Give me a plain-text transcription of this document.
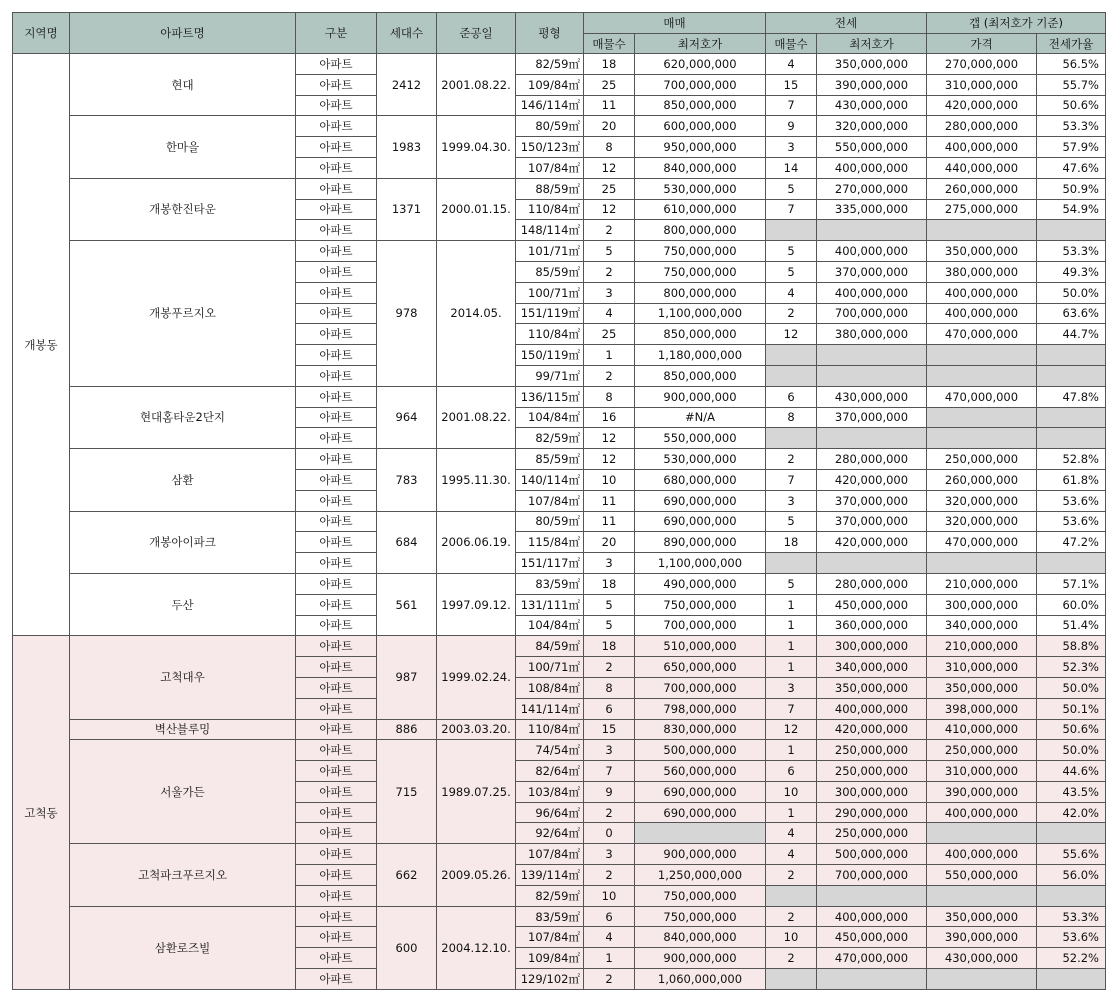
지역명	아파트명	구분	세대수	준공일	평형	매매		전세		갭 (최저호가 기준)	
						매물수	최저호가	매물수	최저호가	가격	전세가율
개봉동	현대	아파트	2412	2001.08.22.	82/59㎡	18	620,000,000	4	350,000,000	270,000,000	56.5%
		아파트			109/84㎡	25	700,000,000	15	390,000,000	310,000,000	55.7%
		아파트			146/114㎡	11	850,000,000	7	430,000,000	420,000,000	50.6%
	한마을	아파트	1983	1999.04.30.	80/59㎡	20	600,000,000	9	320,000,000	280,000,000	53.3%
		아파트			150/123㎡	8	950,000,000	3	550,000,000	400,000,000	57.9%
		아파트			107/84㎡	12	840,000,000	14	400,000,000	440,000,000	47.6%
	개봉한진타운	아파트	1371	2000.01.15.	88/59㎡	25	530,000,000	5	270,000,000	260,000,000	50.9%
		아파트			110/84㎡	12	610,000,000	7	335,000,000	275,000,000	54.9%
		아파트			148/114㎡	2	800,000,000				
	개봉푸르지오	아파트	978	2014.05.	101/71㎡	5	750,000,000	5	400,000,000	350,000,000	53.3%
		아파트			85/59㎡	2	750,000,000	5	370,000,000	380,000,000	49.3%
		아파트			100/71㎡	3	800,000,000	4	400,000,000	400,000,000	50.0%
		아파트			151/119㎡	4	1,100,000,000	2	700,000,000	400,000,000	63.6%
		아파트			110/84㎡	25	850,000,000	12	380,000,000	470,000,000	44.7%
		아파트			150/119㎡	1	1,180,000,000				
		아파트			99/71㎡	2	850,000,000				
	현대홈타운2단지	아파트	964	2001.08.22.	136/115㎡	8	900,000,000	6	430,000,000	470,000,000	47.8%
		아파트			104/84㎡	16	#N/A	8	370,000,000		
		아파트			82/59㎡	12	550,000,000				
	삼환	아파트	783	1995.11.30.	85/59㎡	12	530,000,000	2	280,000,000	250,000,000	52.8%
		아파트			140/114㎡	10	680,000,000	7	420,000,000	260,000,000	61.8%
		아파트			107/84㎡	11	690,000,000	3	370,000,000	320,000,000	53.6%
	개봉아이파크	아파트	684	2006.06.19.	80/59㎡	11	690,000,000	5	370,000,000	320,000,000	53.6%
		아파트			115/84㎡	20	890,000,000	18	420,000,000	470,000,000	47.2%
		아파트			151/117㎡	3	1,100,000,000				
	두산	아파트	561	1997.09.12.	83/59㎡	18	490,000,000	5	280,000,000	210,000,000	57.1%
		아파트			131/111㎡	5	750,000,000	1	450,000,000	300,000,000	60.0%
		아파트			104/84㎡	5	700,000,000	1	360,000,000	340,000,000	51.4%
고척동	고척대우	아파트	987	1999.02.24.	84/59㎡	18	510,000,000	1	300,000,000	210,000,000	58.8%
		아파트			100/71㎡	2	650,000,000	1	340,000,000	310,000,000	52.3%
		아파트			108/84㎡	8	700,000,000	3	350,000,000	350,000,000	50.0%
		아파트			141/114㎡	6	798,000,000	7	400,000,000	398,000,000	50.1%
	벽산블루밍	아파트	886	2003.03.20.	110/84㎡	15	830,000,000	12	420,000,000	410,000,000	50.6%
	서울가든	아파트	715	1989.07.25.	74/54㎡	3	500,000,000	1	250,000,000	250,000,000	50.0%
		아파트			82/64㎡	7	560,000,000	6	250,000,000	310,000,000	44.6%
		아파트			103/84㎡	9	690,000,000	10	300,000,000	390,000,000	43.5%
		아파트			96/64㎡	2	690,000,000	1	290,000,000	400,000,000	42.0%
		아파트			92/64㎡	0		4	250,000,000		
	고척파크푸르지오	아파트	662	2009.05.26.	107/84㎡	3	900,000,000	4	500,000,000	400,000,000	55.6%
		아파트			139/114㎡	2	1,250,000,000	2	700,000,000	550,000,000	56.0%
		아파트			82/59㎡	10	750,000,000				
	삼환로즈빌	아파트	600	2004.12.10.	83/59㎡	6	750,000,000	2	400,000,000	350,000,000	53.3%
		아파트			107/84㎡	4	840,000,000	10	450,000,000	390,000,000	53.6%
		아파트			109/84㎡	1	900,000,000	2	470,000,000	430,000,000	52.2%
		아파트			129/102㎡	2	1,060,000,000				
